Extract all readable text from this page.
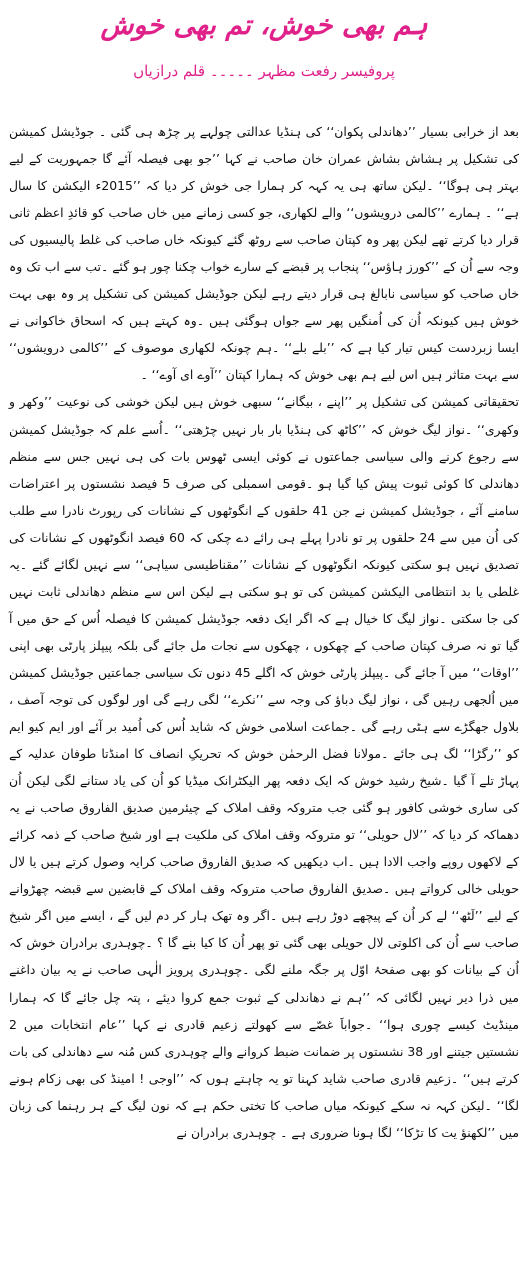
ہم بھی خوش، تم بھی خوش
پروفیسر رفعت مظہر ۔۔۔۔۔ قلم درازیاں

بعد از خرابی بسیار ’’دھاندلی پکوان‘‘ کی ہنڈیا عدالتی چولہے پر چڑھ ہی گئی ۔ جوڈیشل کمیشن کی تشکیل پر ہشاش بشاش عمران خان صاحب نے کہا ’’جو بھی فیصلہ آئے گا جمہوریت کے لیے بہتر ہی ہوگا‘‘ ۔لیکن ساتھ ہی یہ کہہ کر ہمارا جی خوش کر دیا کہ ’’2015ء الیکشن کا سال ہے‘‘ ۔ ہمارے ’’کالمی درویشوں‘‘ والے لکھاری، جو کسی زمانے میں خاں صاحب کو قائدِ اعظم ثانی قرار دیا کرتے تھے لیکن پھر وہ کپتان صاحب سے روٹھ گئے کیونکہ خاں صاحب کی غلط پالیسیوں کی وجہ سے اُن کے ’’کورز ہاؤس‘‘ پنجاب پر قبضے کے سارے خواب چکنا چور ہو گئے ۔تب سے اب تک وہ خاں صاحب کو سیاسی نابالغ ہی قرار دیتے رہے لیکن جوڈیشل کمیشن کی تشکیل پر وہ بھی بہت خوش ہیں کیونکہ اُن کی اُمنگیں پھر سے جواں ہوگئی ہیں ۔وہ کہتے ہیں کہ اسحاق خاکوانی نے ایسا زبردست کیس تیار کیا ہے کہ ’’بلے بلے‘‘ ۔ہم چونکہ لکھاری موصوف کے ’’کالمی درویشوں‘‘ سے بہت متاثر ہیں اس لیے ہم بھی خوش کہ ہمارا کپتان ’’آوے ای آوے‘‘ ۔

تحقیقاتی کمیشن کی تشکیل پر ’’اپنے ، بیگانے‘‘ سبھی خوش ہیں لیکن خوشی کی نوعیت ’’وکھر و وکھری‘‘ ۔نواز لیگ خوش کہ ’’کاٹھ کی ہنڈیا بار بار نہیں چڑھتی‘‘ ۔اُسے علم کہ جوڈیشل کمیشن سے رجوع کرنے والی سیاسی جماعتوں نے کوئی ایسی ٹھوس بات کی ہی نہیں جس سے منظم دھاندلی کا کوئی ثبوت پیش کیا گیا ہو ۔قومی اسمبلی کی صرف 5 فیصد نشستوں پر اعتراضات سامنے آئے ، جوڈیشل کمیشن نے جن 41 حلقوں کے انگوٹھوں کے نشانات کی رپورٹ نادرا سے طلب کی اُن میں سے 24 حلقوں پر تو نادرا پہلے ہی رائے دے چکی کہ 60 فیصد انگوٹھوں کے نشانات کی تصدیق نہیں ہو سکتی کیونکہ انگوٹھوں کے نشانات ’’مقناطیسی سیاہی‘‘ سے نہیں لگائے گئے ۔یہ غلطی یا بد انتظامی الیکشن کمیشن کی تو ہو سکتی ہے لیکن اس سے منظم دھاندلی ثابت نہیں کی جا سکتی ۔نواز لیگ کا خیال ہے کہ اگر ایک دفعہ جوڈیشل کمیشن کا فیصلہ اُس کے حق میں آ گیا تو نہ صرف کپتان صاحب کے چھکوں ، چھکوں سے نجات مل جائے گی بلکہ پیپلز پارٹی بھی اپنی ’’اوقات‘‘ میں آ جائے گی ۔پیپلز پارٹی خوش کہ اگلے 45 دنوں تک سیاسی جماعتیں جوڈیشل کمیشن میں اُلجھی رہیں گی ، نواز لیگ دباؤ کی وجہ سے ’’نکرے‘‘ لگی رہے گی اور لوگوں کی توجہ آصف ، بلاول جھگڑے سے ہٹی رہے گی ۔جماعت اسلامی خوش کہ شاید اُس کی اُمید بر آئے اور ایم کیو ایم کو ’’رگڑا‘‘ لگ ہی جائے ۔مولانا فضل الرحمٰن خوش کہ تحریکِ انصاف کا امنڈتا طوفان عدلیہ کے پہاڑ تلے آ گیا ۔شیخ رشید خوش کہ ایک دفعہ پھر الیکٹرانک میڈیا کو اُن کی یاد ستانے لگی لیکن اُن کی ساری خوشی کافور ہو گئی جب متروکہ وقف املاک کے چیئرمین صدیق الفاروق صاحب نے یہ دھماکہ کر دیا کہ ’’لال حویلی‘‘ تو متروکہ وقف املاک کی ملکیت ہے اور شیخ صاحب کے ذمہ کرائے کے لاکھوں روپے واجب الادا ہیں ۔اب دیکھیں کہ صدیق الفاروق صاحب کرایہ وصول کرتے ہیں یا لال حویلی خالی کرواتے ہیں ۔صدیق الفاروق صاحب متروکہ وقف املاک کے قابضین سے قبضہ چھڑوانے کے لیے ’’لَٹھ‘‘ لے کر اُن کے پیچھے دوڑ رہے ہیں ۔اگر وہ تھک ہار کر دم لیں گے ، ایسے میں اگر شیخ صاحب سے اُن کی اکلوتی لال حویلی بھی گئی تو پھر اُن کا کیا بنے گا ؟ ۔چوہدری برادران خوش کہ اُن کے بیانات کو بھی صفحۂ اوّل پر جگہ ملنے لگی ۔چوہدری پرویز الٰہی صاحب نے یہ بیان داغنے میں ذرا دیر نہیں لگائی کہ ’’ہم نے دھاندلی کے ثبوت جمع کروا دیئے ، پتہ چل جائے گا کہ ہمارا مینڈیٹ کیسے چوری ہوا‘‘ ۔جواباََ غصّے سے کھولتے زعیم قادری نے کہا ’’عام انتخابات میں 2 نشستیں جیتنے اور 38 نشستوں پر ضمانت ضبط کروانے والے چوہدری کس مُنہ سے دھاندلی کی بات کرتے ہیں‘‘ ۔زعیم قادری صاحب شاید کہنا تو یہ چاہتے ہوں کہ ’’اوجی ! امینڈ کی بھی زکام ہونے لگا‘‘ ۔لیکن کہہ نہ سکے کیونکہ میاں صاحب کا تختی حکم ہے کہ نون لیگ کے ہر رہنما کی زبان میں ’’لکھنؤ یت کا تڑکا‘‘ لگا ہونا ضروری ہے ۔ چوہدری برادران نے
